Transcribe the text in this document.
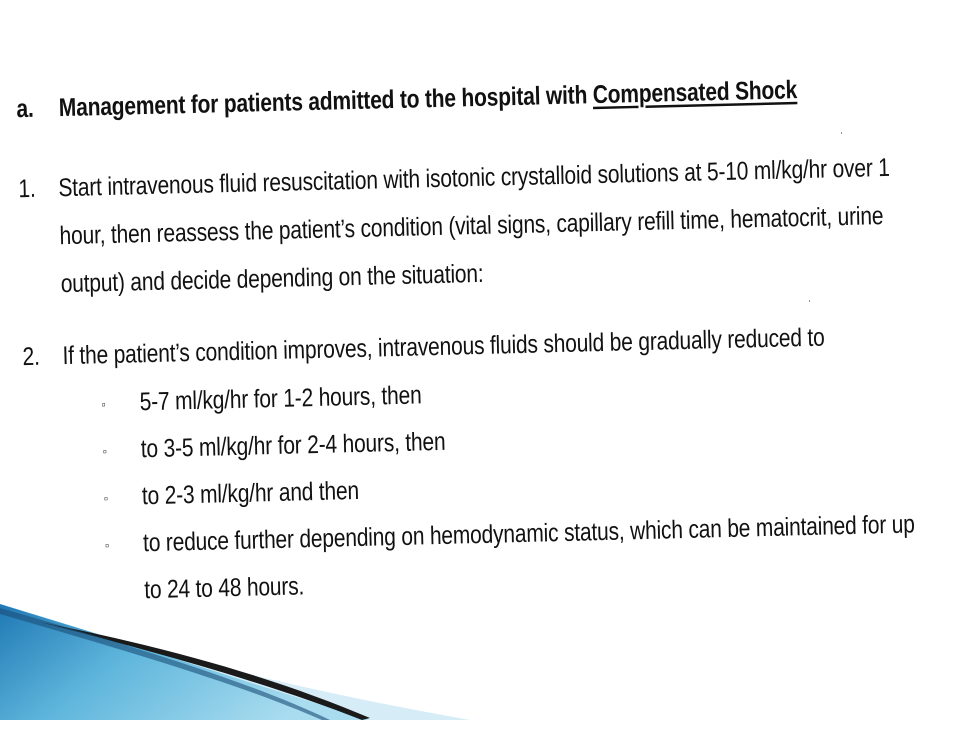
a. Management for patients admitted to the hospital with Compensated Shock
1. Start intravenous fluid resuscitation with isotonic crystalloid solutions at 5-10 ml/kg/hr over 1
hour, then reassess the patient’s condition (vital signs, capillary refill time, hematocrit, urine
output) and decide depending on the situation:
2. If the patient’s condition improves, intravenous fluids should be gradually reduced to
▫ 5-7 ml/kg/hr for 1-2 hours, then
▫ to 3-5 ml/kg/hr for 2-4 hours, then
▫ to 2-3 ml/kg/hr and then
▫ to reduce further depending on hemodynamic status, which can be maintained for up
to 24 to 48 hours.
